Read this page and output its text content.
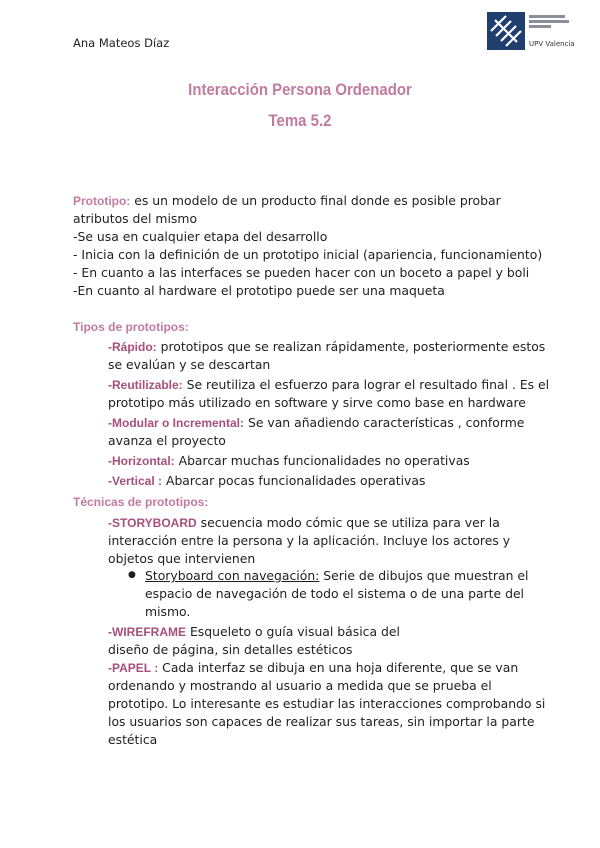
Ana Mateos Díaz	UPV Valencia
Interacción Persona Ordenador
Tema 5.2
Prototipo: es un modelo de un producto final donde es posible probar
atributos del mismo
-Se usa en cualquier etapa del desarrollo
- Inicia con la definición de un prototipo inicial (apariencia, funcionamiento)
- En cuanto a las interfaces se pueden hacer con un boceto a papel y boli
-En cuanto al hardware el prototipo puede ser una maqueta
Tipos de prototipos:
-Rápido: prototipos que se realizan rápidamente, posteriormente estos
se evalúan y se descartan
-Reutilizable: Se reutiliza el esfuerzo para lograr el resultado final . Es el
prototipo más utilizado en software y sirve como base en hardware
-Modular o Incremental: Se van añadiendo características , conforme
avanza el proyecto
-Horizontal: Abarcar muchas funcionalidades no operativas
-Vertical : Abarcar pocas funcionalidades operativas
Técnicas de prototipos:
-STORYBOARD secuencia modo cómic que se utiliza para ver la
interacción entre la persona y la aplicación. Incluye los actores y
objetos que intervienen
● Storyboard con navegación: Serie de dibujos que muestran el
espacio de navegación de todo el sistema o de una parte del
mismo.
-WIREFRAME Esqueleto o guía visual básica del
diseño de página, sin detalles estéticos
-PAPEL : Cada interfaz se dibuja en una hoja diferente, que se van
ordenando y mostrando al usuario a medida que se prueba el
prototipo. Lo interesante es estudiar las interacciones comprobando si
los usuarios son capaces de realizar sus tareas, sin importar la parte
estética
